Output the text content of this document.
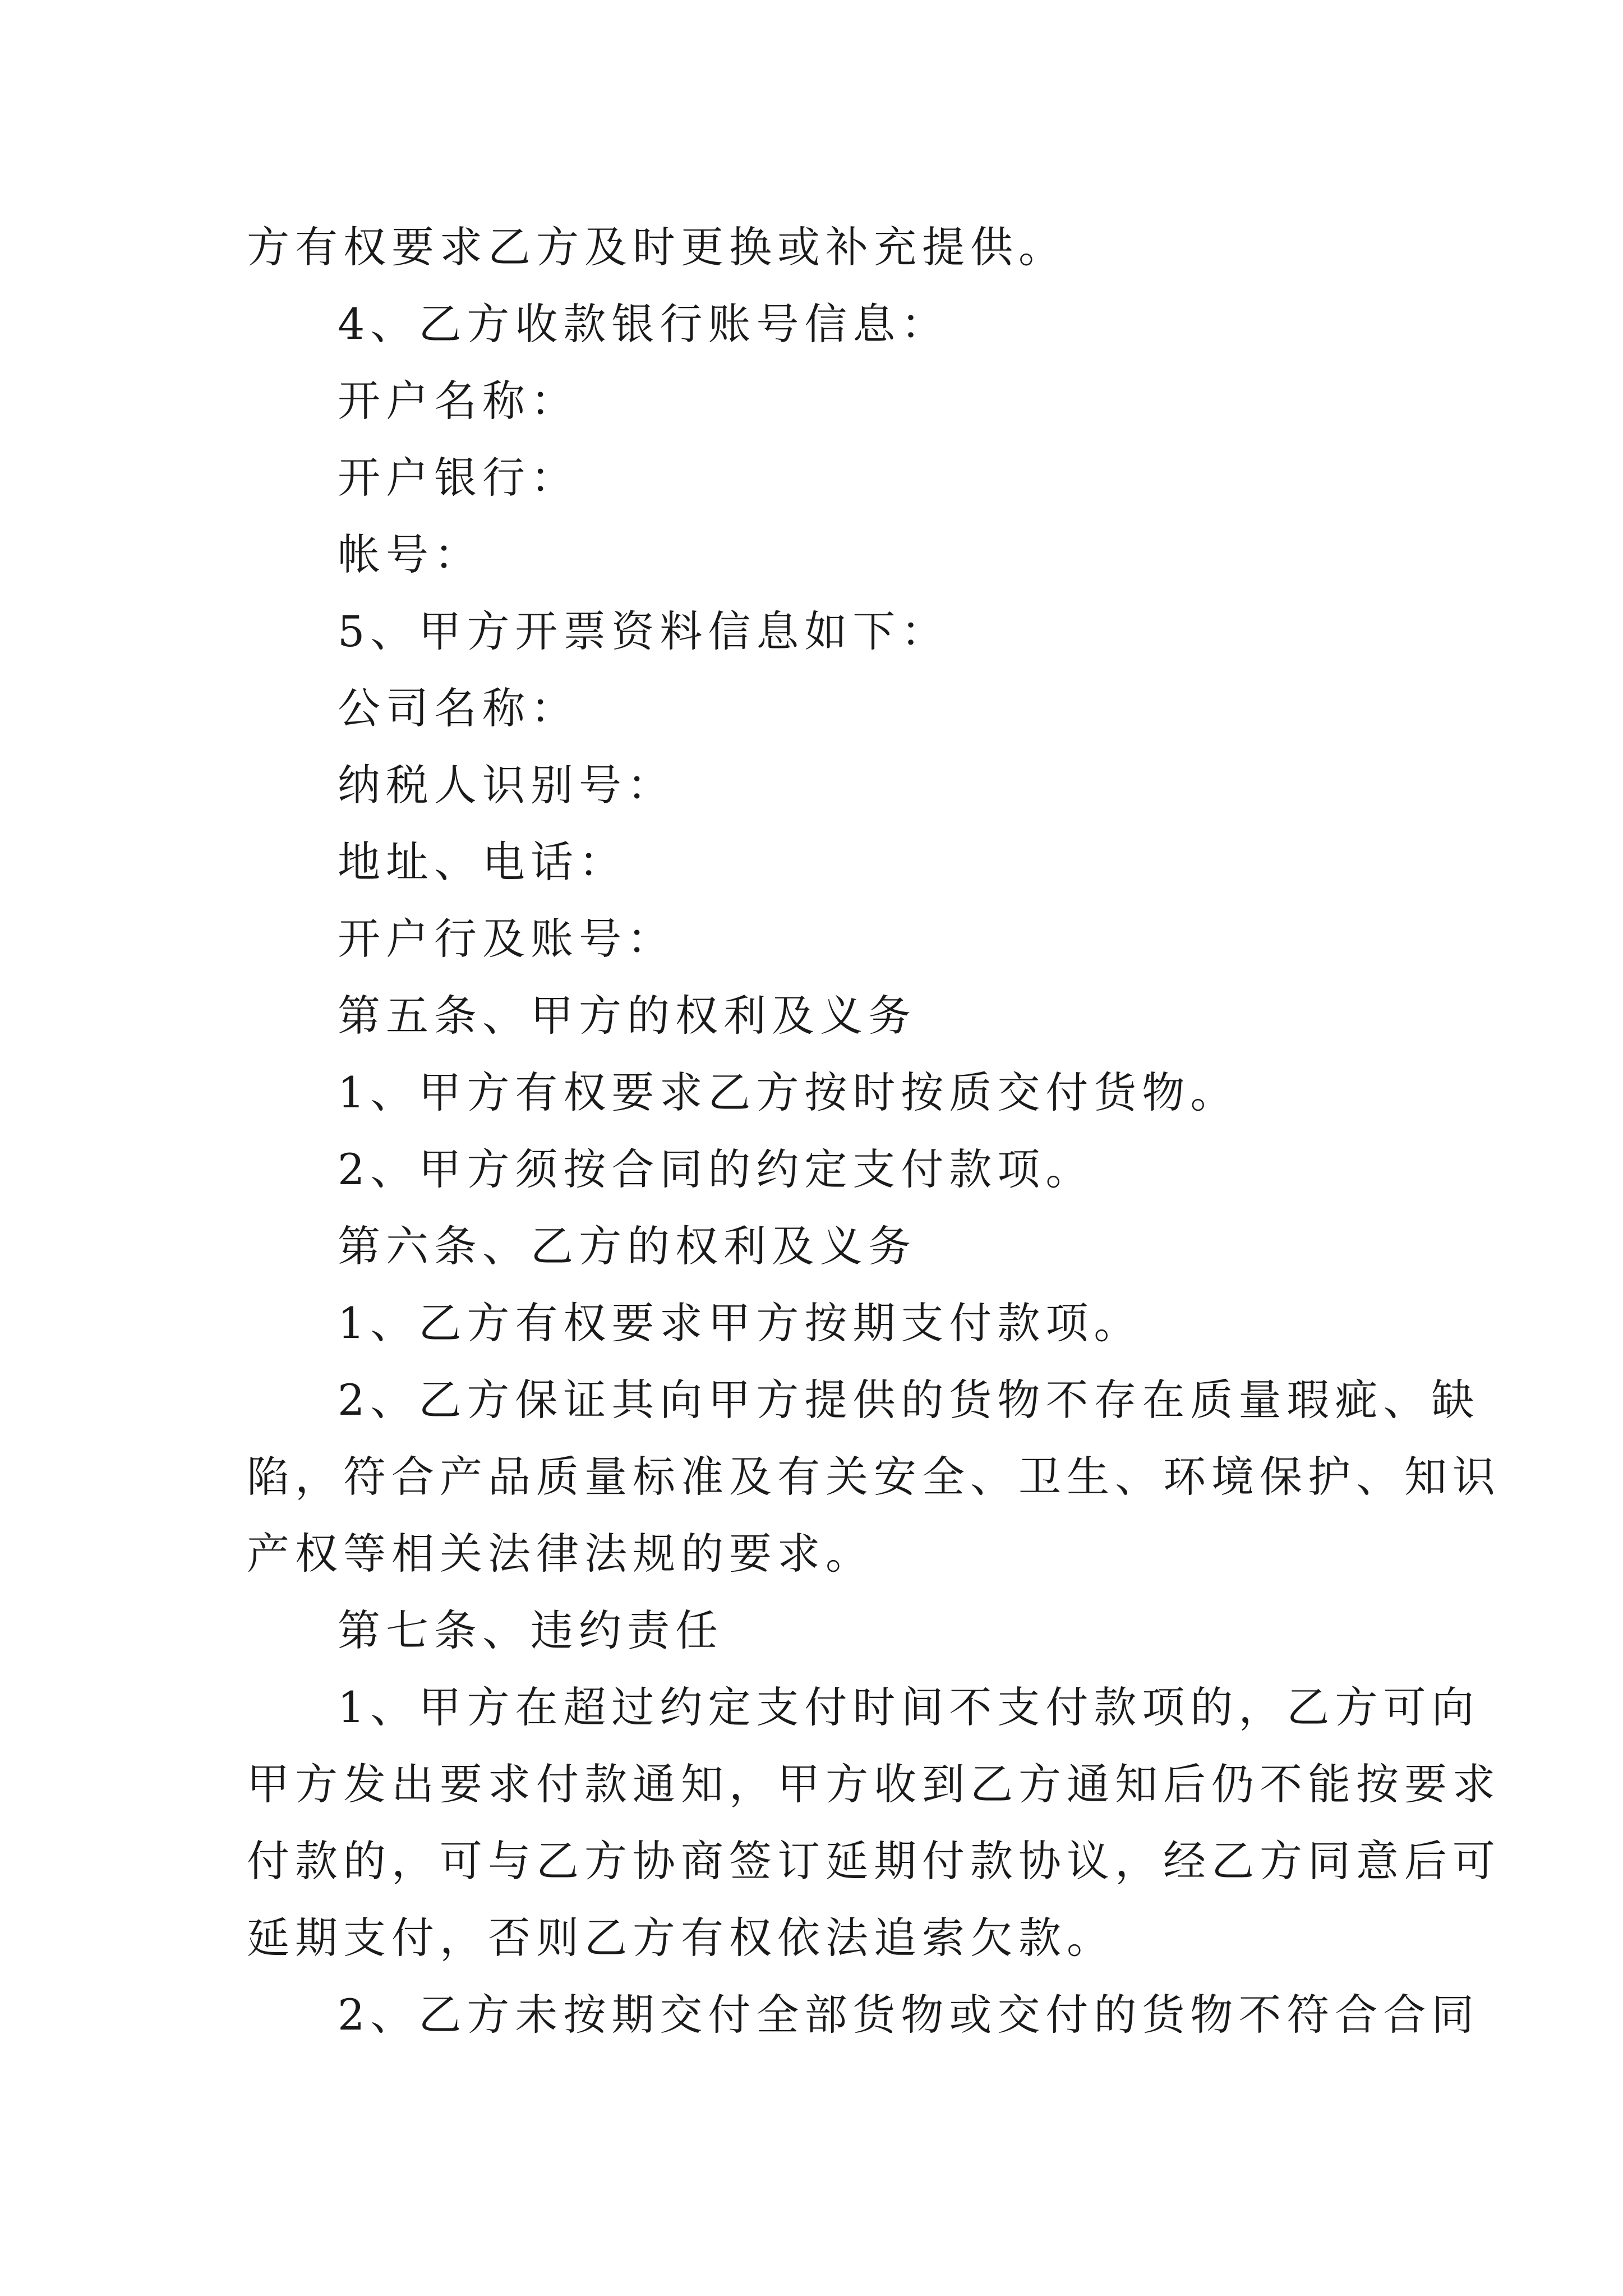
方有权要求乙方及时更换或补充提供。
4、乙方收款银行账号信息：
开户名称：
开户银行：
帐号：
5、甲方开票资料信息如下：
公司名称：
纳税人识别号：
地址、电话：
开户行及账号：
第五条、甲方的权利及义务
1、甲方有权要求乙方按时按质交付货物。
2、甲方须按合同的约定支付款项。
第六条、乙方的权利及义务
1、乙方有权要求甲方按期支付款项。
2、乙方保证其向甲方提供的货物不存在质量瑕疵、缺
陷，符合产品质量标准及有关安全、卫生、环境保护、知识
产权等相关法律法规的要求。
第七条、违约责任
1、甲方在超过约定支付时间不支付款项的，乙方可向
甲方发出要求付款通知，甲方收到乙方通知后仍不能按要求
付款的，可与乙方协商签订延期付款协议，经乙方同意后可
延期支付，否则乙方有权依法追索欠款。
2、乙方未按期交付全部货物或交付的货物不符合合同
